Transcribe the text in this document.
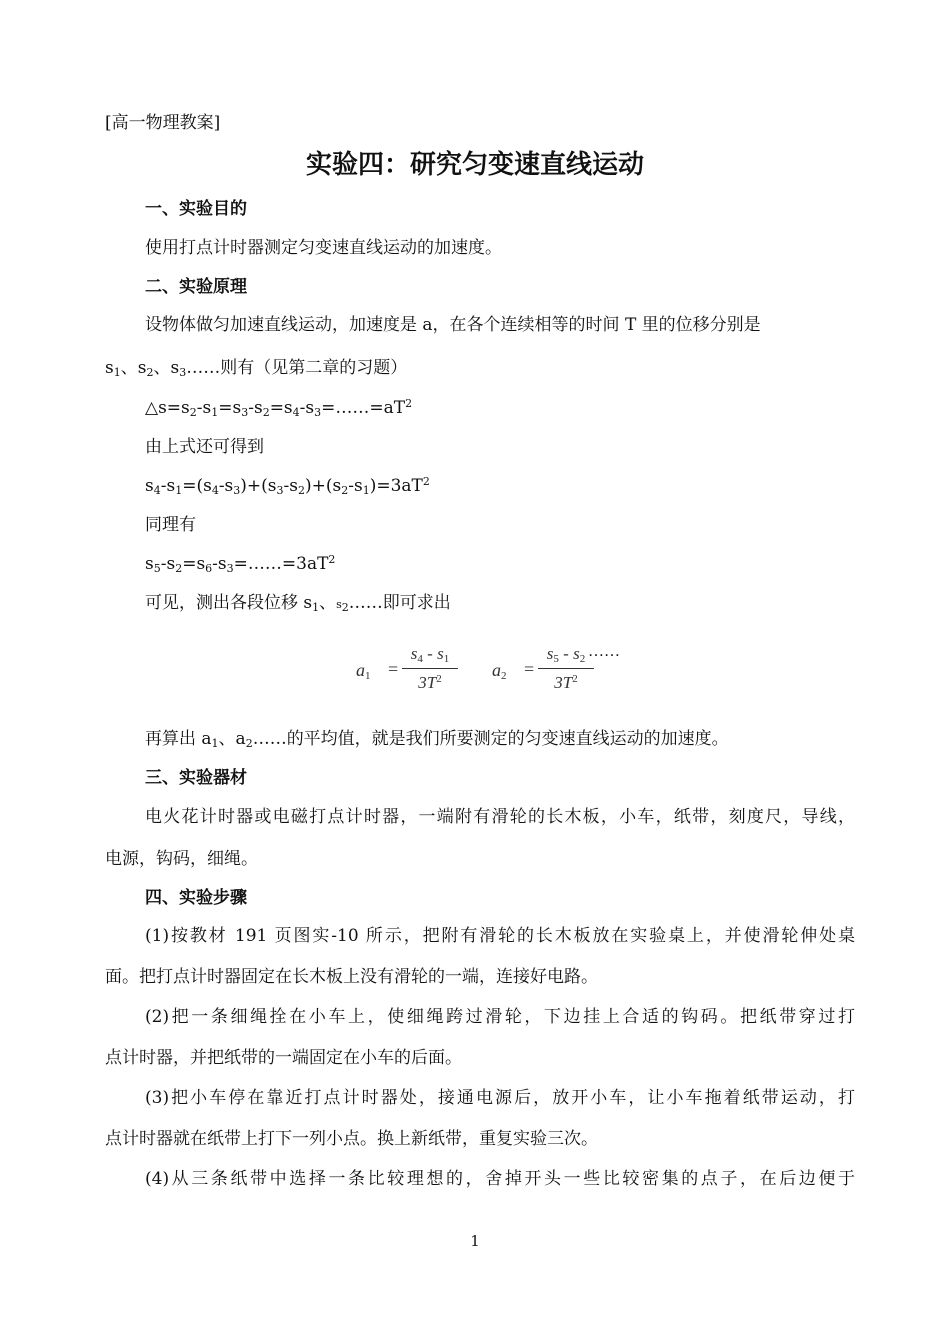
[高一物理教案]
实验四：研究匀变速直线运动
一、实验目的
使用打点计时器测定匀变速直线运动的加速度。
二、实验原理
设物体做匀加速直线运动，加速度是 a，在各个连续相等的时间 T 里的位移分别是
$s_1$、$s_2$、$s_3\dots\dots$则有（见第二章的习题）
$\triangle s=s_2-s_1=s_3-s_2=s_4-s_3=\dots\dots=aT^2$
由上式还可得到
$s_4-s_1=(s_4-s_3)+(s_3-s_2)+(s_2-s_1)=3aT^2$
同理有
$s_5-s_2=s_6-s_3=\dots\dots=3aT^2$
可见，测出各段位移 $s_1$、$s_2\dots\dots$即可求出
$a_1$ =
$s_4 - s_1$
$3T^2$	$a_2$ =
$s_5 - s_2$
$3T^2$
……
再算出 $a_1$、$a_2\dots\dots$的平均值，就是我们所要测定的匀变速直线运动的加速度。
三、实验器材
电火花计时器或电磁打点计时器，一端附有滑轮的长木板，小车，纸带，刻度尺，导线，
电源，钩码，细绳。
四、实验步骤
(1)按教材 191 页图实-10 所示，把附有滑轮的长木板放在实验桌上，并使滑轮伸处桌
面。把打点计时器固定在长木板上没有滑轮的一端，连接好电路。
(2)把一条细绳拴在小车上，使细绳跨过滑轮，下边挂上合适的钩码。把纸带穿过打
点计时器，并把纸带的一端固定在小车的后面。
(3)把小车停在靠近打点计时器处，接通电源后，放开小车，让小车拖着纸带运动，打
点计时器就在纸带上打下一列小点。换上新纸带，重复实验三次。
(4)从三条纸带中选择一条比较理想的，舍掉开头一些比较密集的点子，在后边便于
1
